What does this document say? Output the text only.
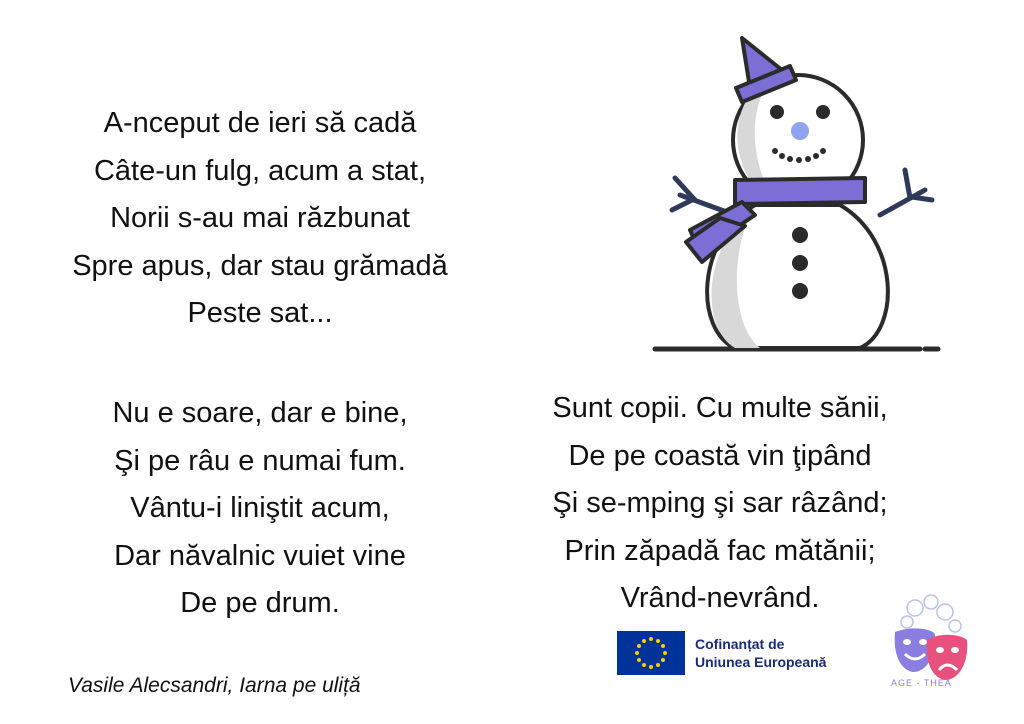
A-nceput de ieri să cadă
Câte-un fulg, acum a stat,
Norii s-au mai răzbunat
Spre apus, dar stau grămadă
Peste sat...
Nu e soare, dar e bine,
Şi pe râu e numai fum.
Vântu-i liniştit acum,
Dar năvalnic vuiet vine
De pe drum.
Sunt copii. Cu multe sănii,
De pe coastă vin ţipând
Şi se-mping şi sar râzând;
Prin zăpadă fac mătănii;
Vrând-nevrând.
Vasile Alecsandri, Iarna pe uliță
Cofinanțat de
Uniunea Europeană
AGE - THEA
